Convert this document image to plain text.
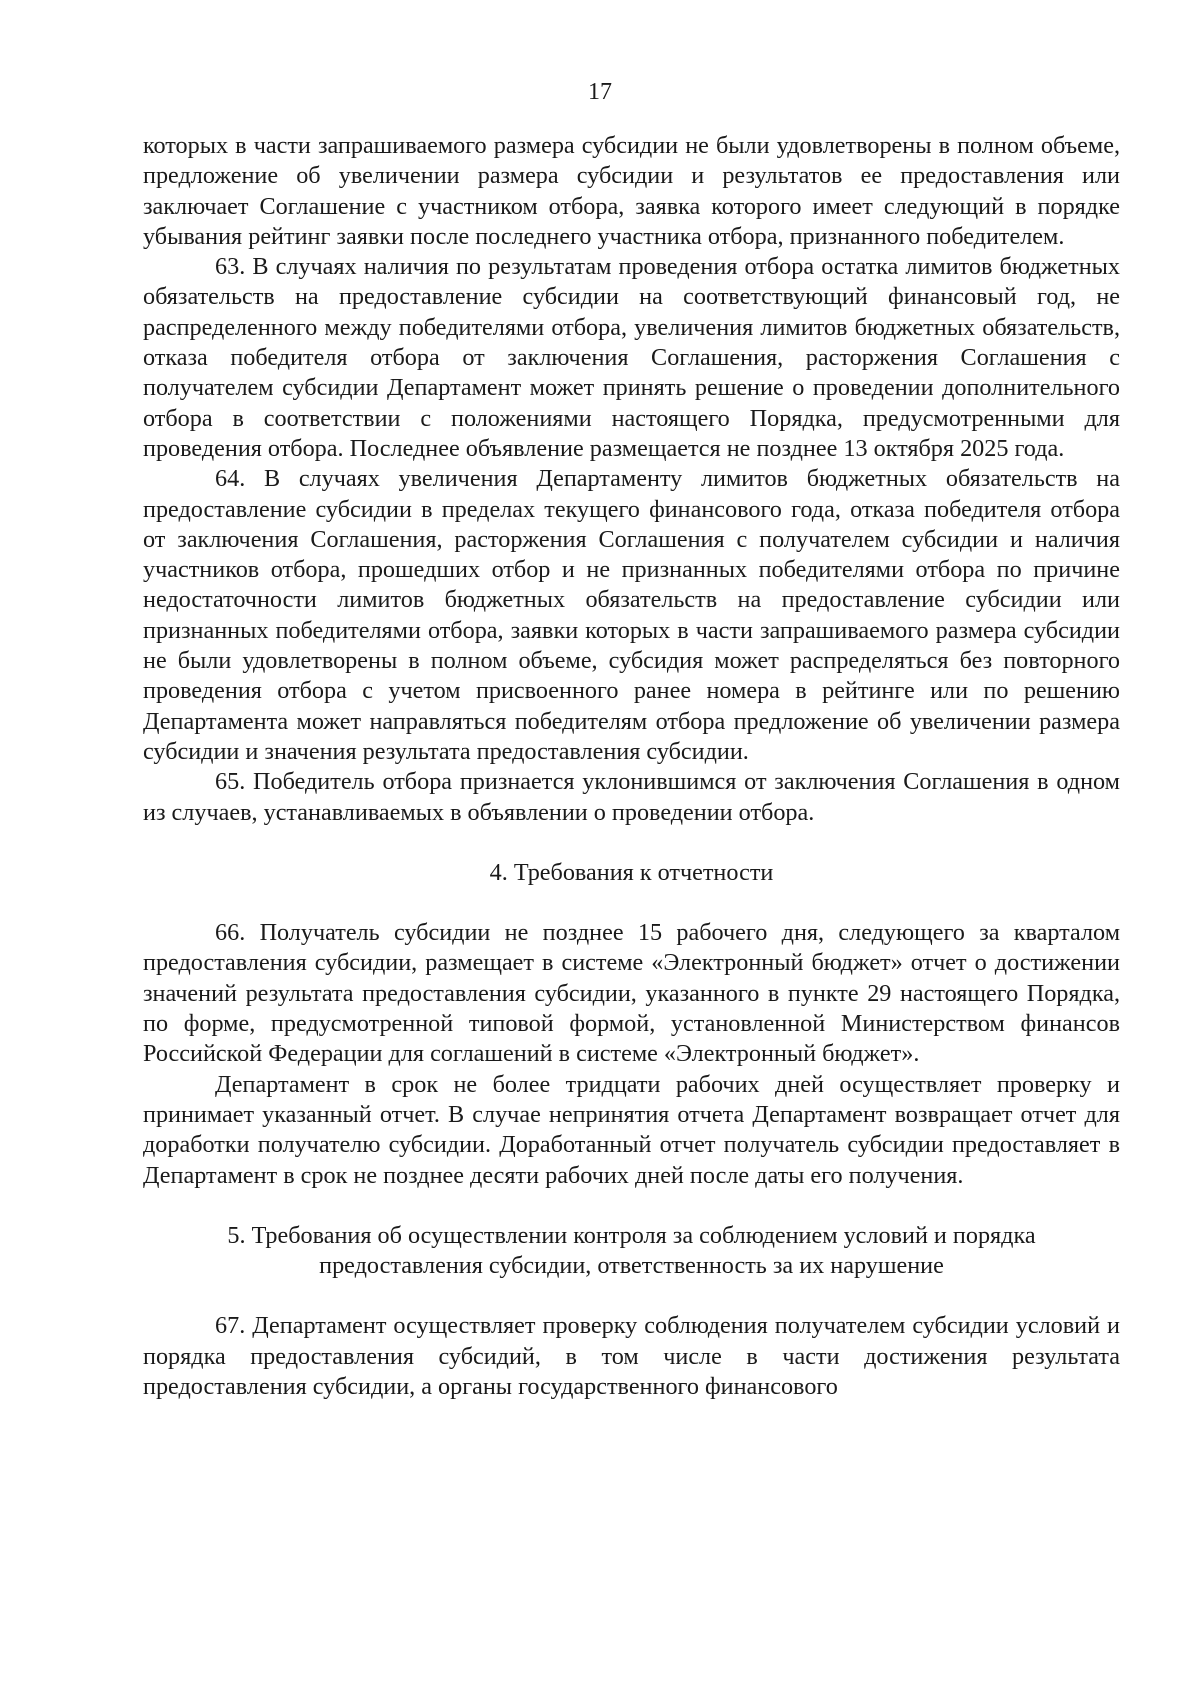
17

которых в части запрашиваемого размера субсидии не были удовлетворены в полном объеме, предложение об увеличении размера субсидии и результатов ее предоставления или заключает Соглашение с участником отбора, заявка которого имеет следующий в порядке убывания рейтинг заявки после последнего участника отбора, признанного победителем.

63. В случаях наличия по результатам проведения отбора остатка лимитов бюджетных обязательств на предоставление субсидии на соответствующий финансовый год, не распределенного между победителями отбора, увеличения лимитов бюджетных обязательств, отказа победителя отбора от заключения Соглашения, расторжения Соглашения с получателем субсидии Департамент может принять решение о проведении дополнительного отбора в соответствии с положениями настоящего Порядка, предусмотренными для проведения отбора. Последнее объявление размещается не позднее 13 октября 2025 года.

64. В случаях увеличения Департаменту лимитов бюджетных обязательств на предоставление субсидии в пределах текущего финансового года, отказа победителя отбора от заключения Соглашения, расторжения Соглашения с получателем субсидии и наличия участников отбора, прошедших отбор и не признанных победителями отбора по причине недостаточности лимитов бюджетных обязательств на предоставление субсидии или признанных победителями отбора, заявки которых в части запрашиваемого размера субсидии не были удовлетворены в полном объеме, субсидия может распределяться без повторного проведения отбора с учетом присвоенного ранее номера в рейтинге или по решению Департамента может направляться победителям отбора предложение об увеличении размера субсидии и значения результата предоставления субсидии.

65. Победитель отбора признается уклонившимся от заключения Соглашения в одном из случаев, устанавливаемых в объявлении о проведении отбора.

4. Требования к отчетности

66. Получатель субсидии не позднее 15 рабочего дня, следующего за кварталом предоставления субсидии, размещает в системе «Электронный бюджет» отчет о достижении значений результата предоставления субсидии, указанного в пункте 29 настоящего Порядка, по форме, предусмотренной типовой формой, установленной Министерством финансов Российской Федерации для соглашений в системе «Электронный бюджет».

Департамент в срок не более тридцати рабочих дней осуществляет проверку и принимает указанный отчет. В случае непринятия отчета Департамент возвращает отчет для доработки получателю субсидии. Доработанный отчет получатель субсидии предоставляет в Департамент в срок не позднее десяти рабочих дней после даты его получения.

5. Требования об осуществлении контроля за соблюдением условий и порядка

предоставления субсидии, ответственность за их нарушение

67. Департамент осуществляет проверку соблюдения получателем субсидии условий и порядка предоставления субсидий, в том числе в части достижения результата предоставления субсидии, а органы государственного финансового
